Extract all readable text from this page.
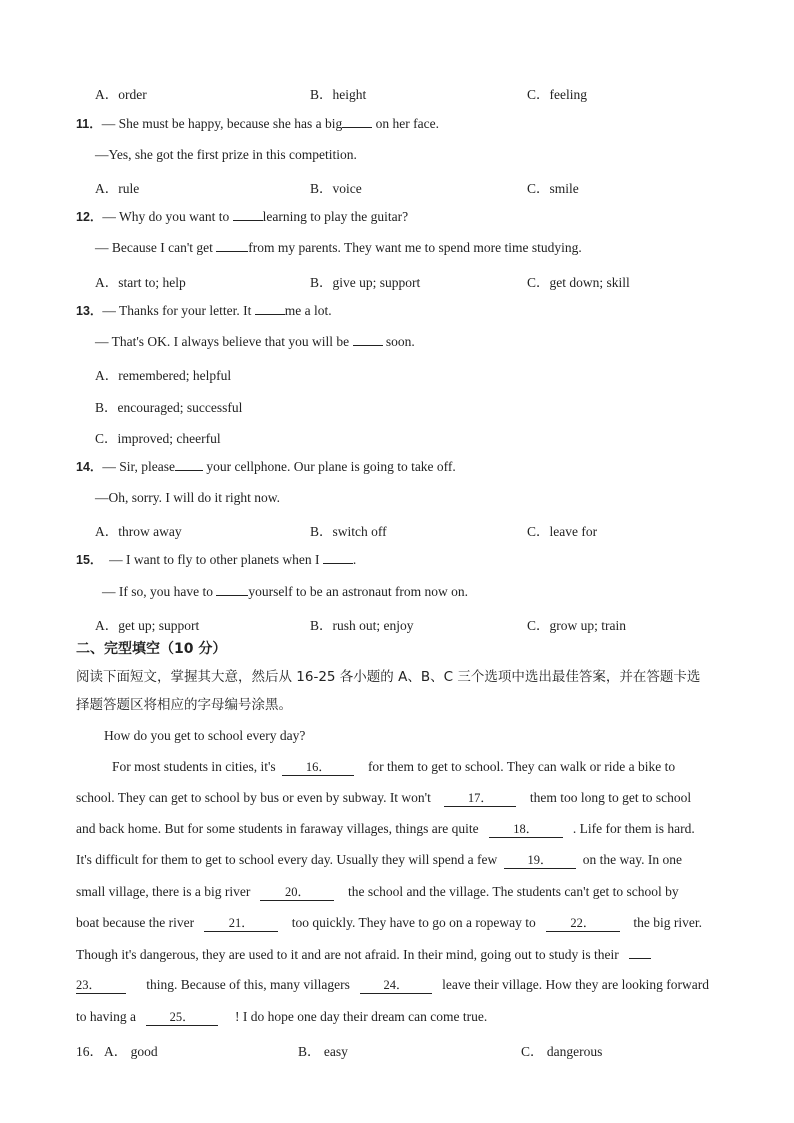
A．order	B．height	C．feeling
11．— She must be happy, because she has a big on her face.
—Yes, she got the first prize in this competition.
A．rule	B．voice	C．smile
12．— Why do you want to learning to play the guitar?
— Because I can't get	from my parents. They want me to spend more time studying.
A．start to; help	B．give up; support	C．get down; skill
13．— Thanks for your letter. It me a lot.
— That's OK. I always believe that you will be	soon.
A．remembered; helpful
B．encouraged; successful
C．improved; cheerful
14．— Sir, please your cellphone. Our plane is going to take off.
—Oh, sorry. I will do it right now.
A．throw away	B．switch off	C．leave for
15． — I want to fly to other planets when I .
— If so, you have to	yourself to be an astronaut from now on.
A．get up; support	B．rush out; enjoy	C．grow up; train
二、完型填空（10 分）
阅读下面短文，掌握其大意，然后从 16-25 各小题的 A、B、C 三个选项中选出最佳答案，并在答题卡选
择题答题区将相应的字母编号涂黑。
How do you get to school every day?
For most students in cities, it's 16．	for them to get to school. They can walk or ride a bike to
school. They can get to school by bus or even by subway. It won't	17．	them too long to get to school
and back home. But for some students in faraway villages, things are quite	18．	. Life for them is hard.
It's difficult for them to get to school every day. Usually they will spend a few 19． on the way. In one
small village, there is a big river	20．	the school and the village. The students can't get to school by
boat because the river	21．	too quickly. They have to go on a ropeway to	22．	the big river.
Though it's dangerous, they are used to it and are not afraid. In their mind, going out to study is their
23．	thing. Because of this, many villagers	24． leave their village. How they are looking forward
to having a	25．	! I do hope one day their dream can come true.
16． A． good	B． easy	C． dangerous
